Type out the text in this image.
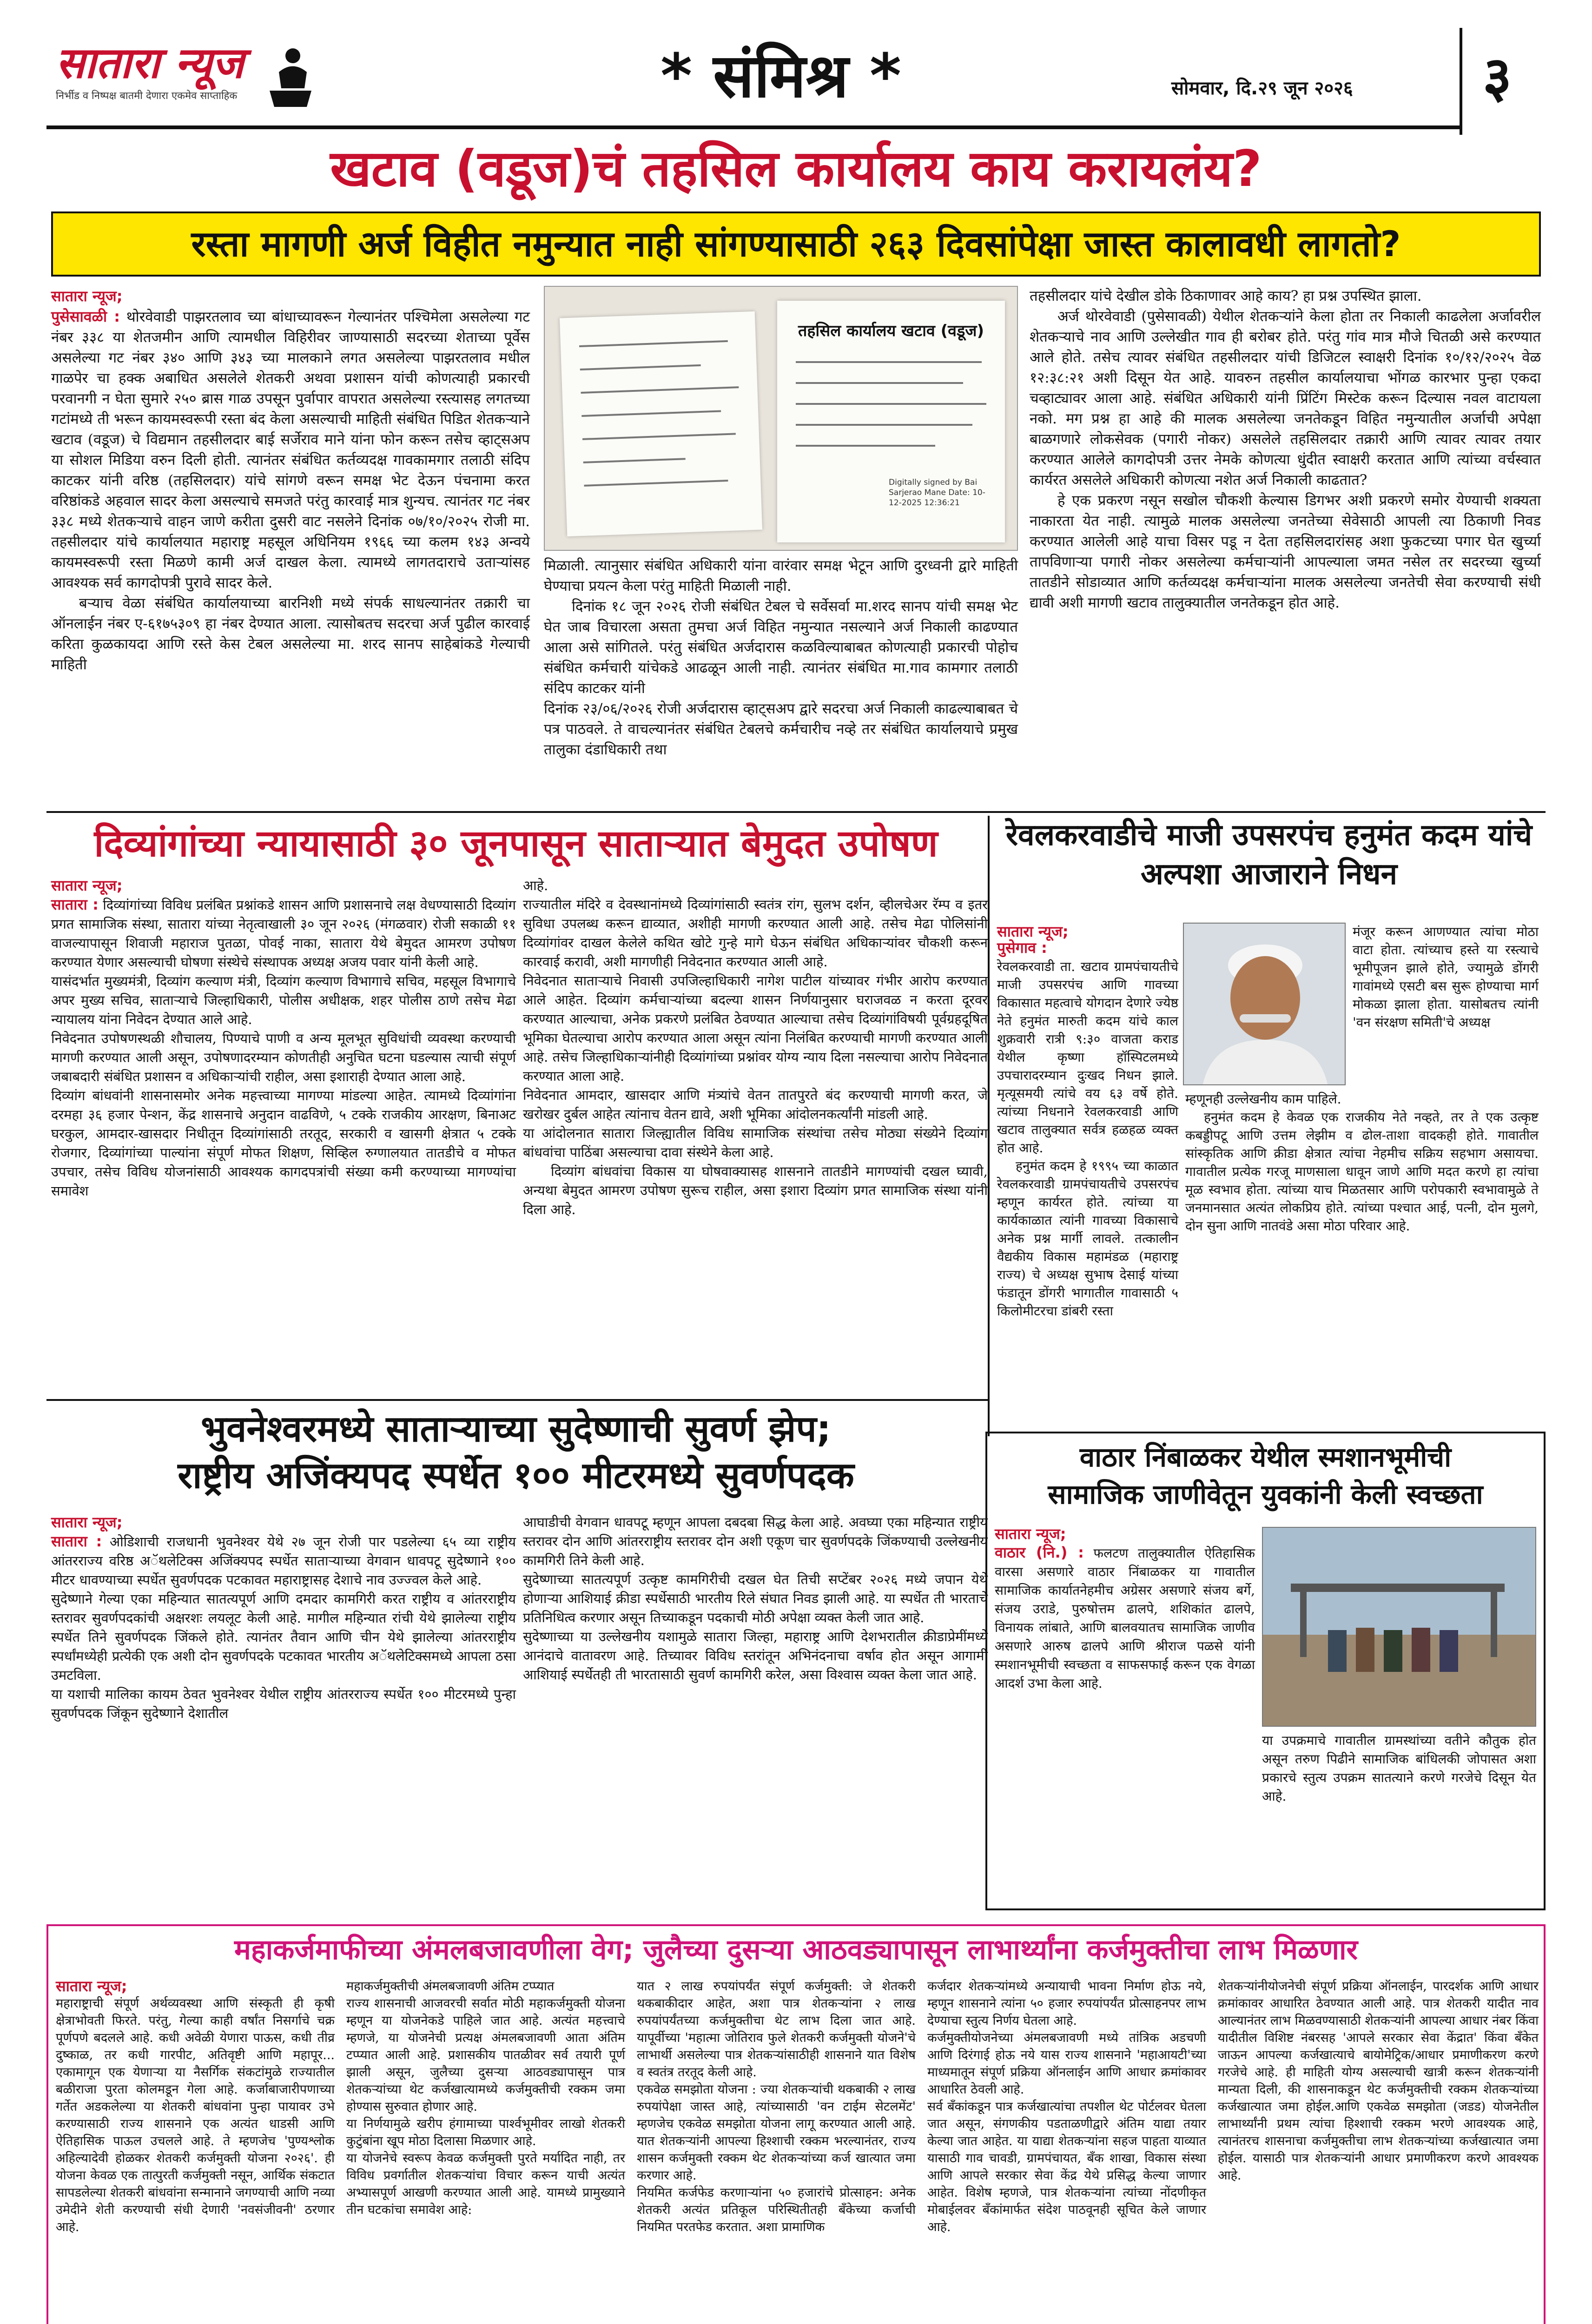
सातारा न्यूज
निर्भीड व निष्पक्ष बातमी देणारा एकमेव साप्ताहिक	* संमिश्र *	सोमवार, दि.२९ जून २०२६ ३
खटाव (वडूज)चं तहसिल कार्यालय काय करायलंय?
रस्ता मागणी अर्ज विहीत नमुन्यात नाही सांगण्यासाठी २६३ दिवसांपेक्षा जास्त कालावधी लागतो?
सातारा न्यूज;
पुसेसावळी : थोरवेवाडी पाझरतलाव च्या बांधाच्यावरून गेल्यानंतर पश्चिमेला असलेल्या गट नंबर ३३८ या शेतजमीन आणि त्यामधील विहिरीवर जाण्यासाठी सदरच्या शेताच्या पूर्वेस असलेल्या गट नंबर ३४० आणि ३४३ च्या मालकाने लगत असलेल्या पाझरतलाव मधील गाळपेर चा हक्क अबाधित असलेले शेतकरी अथवा प्रशासन यांची कोणत्याही प्रकारची परवानगी न घेता सुमारे २५० ब्रास गाळ उपसून पुर्वापार वापरात असलेल्या रस्त्यासह लगतच्या गटांमध्ये ती भरून कायमस्वरूपी रस्ता बंद केला असल्याची माहिती संबंधित पिडित शेतकऱ्याने खटाव (वडूज) चे विद्यमान तहसीलदार बाई सर्जेराव माने यांना फोन करून तसेच व्हाट्सअप या सोशल मिडिया वरुन दिली होती. त्यानंतर संबंधित कर्तव्यदक्ष गावकामगार तलाठी संदिप काटकर यांनी वरिष्ठ (तहसिलदार) यांचे सांगणे वरून समक्ष भेट देऊन पंचनामा करत वरिष्ठांकडे अहवाल सादर केला असल्याचे समजते परंतु कारवाई मात्र शुन्यच. त्यानंतर गट नंबर ३३८ मध्ये शेतकऱ्याचे वाहन जाणे करीता दुसरी वाट नसलेने दिनांक ०७/१०/२०२५ रोजी मा. तहसीलदार यांचे कार्यालयात महाराष्ट्र महसूल अधिनियम १९६६ च्या कलम १४३ अन्वये कायमस्वरूपी रस्ता मिळणे कामी अर्ज दाखल केला. त्यामध्ये लागतदाराचे उताऱ्यांसह आवश्यक सर्व कागदोपत्री पुरावे सादर केले.
बऱ्याच वेळा संबंधित कार्यालयाच्या बारनिशी मध्ये संपर्क साधल्यानंतर तक्रारी चा ऑनलाईन नंबर ए-६१७५३०९ हा नंबर देण्यात आला. त्यासोबतच सदरचा अर्ज पुढील कारवाई करिता कुळकायदा आणि रस्ते केस टेबल असलेल्या मा. शरद सानप साहेबांकडे गेल्याची माहिती
तहसिल कार्यालय खटाव (वडूज)
Digitally signed by Bai Sarjerao Mane Date: 10-12-2025 12:36:21
मिळाली. त्यानुसार संबंधित अधिकारी यांना वारंवार समक्ष भेटून आणि दुरध्वनी द्वारे माहिती घेण्याचा प्रयत्न केला परंतु माहिती मिळाली नाही.
दिनांक १८ जून २०२६ रोजी संबंधित टेबल चे सर्वेसर्वा मा.शरद सानप यांची समक्ष भेट घेत जाब विचारला असता तुमचा अर्ज विहित नमुन्यात नसल्याने अर्ज निकाली काढण्यात आला असे सांगितले. परंतु संबंधित अर्जदारास कळविल्याबाबत कोणत्याही प्रकारची पोहोच संबंधित कर्मचारी यांचेकडे आढळून आली नाही. त्यानंतर संबंधित मा.गाव कामगार तलाठी संदिप काटकर यांनी
दिनांक २३/०६/२०२६ रोजी अर्जदारास व्हाट्सअप द्वारे सदरचा अर्ज निकाली काढल्याबाबत चे पत्र पाठवले. ते वाचल्यानंतर संबंधित टेबलचे कर्मचारीच नव्हे तर संबंधित कार्यालयाचे प्रमुख तालुका दंडाधिकारी तथा
तहसीलदार यांचे देखील डोके ठिकाणावर आहे काय? हा प्रश्न उपस्थित झाला.
अर्ज थोरवेवाडी (पुसेसावळी) येथील शेतकऱ्यांने केला होता तर निकाली काढलेला अर्जावरील शेतकऱ्याचे नाव आणि उल्लेखीत गाव ही बरोबर होते. परंतु गांव मात्र मौजे चितळी असे करण्यात आले होते. तसेच त्यावर संबंधित तहसीलदार यांची डिजिटल स्वाक्षरी दिनांक १०/१२/२०२५ वेळ १२:३८:२१ अशी दिसून येत आहे. यावरुन तहसील कार्यालयाचा भोंगळ कारभार पुन्हा एकदा चव्हाट्यावर आला आहे. संबंधित अधिकारी यांनी प्रिंटिंग मिस्टेक करून दिल्यास नवल वाटायला नको. मग प्रश्न हा आहे की मालक असलेल्या जनतेकडून विहित नमुन्यातील अर्जाची अपेक्षा बाळगणारे लोकसेवक (पगारी नोकर) असलेले तहसिलदार तक्रारी आणि त्यावर त्यावर तयार करण्यात आलेले कागदोपत्री उत्तर नेमके कोणत्या धुंदीत स्वाक्षरी करतात आणि त्यांच्या वर्चस्वात कार्यरत असलेले अधिकारी कोणत्या नशेत अर्ज निकाली काढतात?
हे एक प्रकरण नसून सखोल चौकशी केल्यास डिगभर अशी प्रकरणे समोर येण्याची शक्यता नाकारता येत नाही. त्यामुळे मालक असलेल्या जनतेच्या सेवेसाठी आपली त्या ठिकाणी निवड करण्यात आलेली आहे याचा विसर पडू न देता तहसिलदारांसह अशा फुकटच्या पगार घेत खुर्च्या तापविणाऱ्या पगारी नोकर असलेल्या कर्मचाऱ्यांनी आपल्याला जमत नसेल तर सदरच्या खुर्च्या तातडीने सोडाव्यात आणि कर्तव्यदक्ष कर्मचाऱ्यांना मालक असलेल्या जनतेची सेवा करण्याची संधी द्यावी अशी मागणी खटाव तालुक्यातील जनतेकडून होत आहे.
दिव्यांगांच्या न्यायासाठी ३० जूनपासून साताऱ्यात बेमुदत उपोषण
सातारा न्यूज;
सातारा : दिव्यांगांच्या विविध प्रलंबित प्रश्नांकडे शासन आणि प्रशासनाचे लक्ष वेधण्यासाठी दिव्यांग प्रगत सामाजिक संस्था, सातारा यांच्या नेतृत्वाखाली ३० जून २०२६ (मंगळवार) रोजी सकाळी ११ वाजल्यापासून शिवाजी महाराज पुतळा, पोवई नाका, सातारा येथे बेमुदत आमरण उपोषण करण्यात येणार असल्याची घोषणा संस्थेचे संस्थापक अध्यक्ष अजय पवार यांनी केली आहे.
यासंदर्भात मुख्यमंत्री, दिव्यांग कल्याण मंत्री, दिव्यांग कल्याण विभागाचे सचिव, महसूल विभागाचे अपर मुख्य सचिव, साताऱ्याचे जिल्हाधिकारी, पोलीस अधीक्षक, शहर पोलीस ठाणे तसेच मेढा न्यायालय यांना निवेदन देण्यात आले आहे.
निवेदनात उपोषणस्थळी शौचालय, पिण्याचे पाणी व अन्य मूलभूत सुविधांची व्यवस्था करण्याची मागणी करण्यात आली असून, उपोषणादरम्यान कोणतीही अनुचित घटना घडल्यास त्याची संपूर्ण जबाबदारी संबंधित प्रशासन व अधिकाऱ्यांची राहील, असा इशाराही देण्यात आला आहे.
दिव्यांग बांधवांनी शासनासमोर अनेक महत्त्वाच्या मागण्या मांडल्या आहेत. त्यामध्ये दिव्यांगांना दरमहा ३६ हजार पेन्शन, केंद्र शासनाचे अनुदान वाढविणे, ५ टक्के राजकीय आरक्षण, बिनाअट घरकुल, आमदार-खासदार निधीतून दिव्यांगांसाठी तरतूद, सरकारी व खासगी क्षेत्रात ५ टक्के रोजगार, दिव्यांगांच्या पाल्यांना संपूर्ण मोफत शिक्षण, सिव्हिल रुग्णालयात तातडीचे व मोफत उपचार, तसेच विविध योजनांसाठी आवश्यक कागदपत्रांची संख्या कमी करण्याच्या मागण्यांचा समावेश
आहे.
राज्यातील मंदिरे व देवस्थानांमध्ये दिव्यांगांसाठी स्वतंत्र रांग, सुलभ दर्शन, व्हीलचेअर रॅम्प व इतर सुविधा उपलब्ध करून द्याव्यात, अशीही मागणी करण्यात आली आहे. तसेच मेढा पोलिसांनी दिव्यांगांवर दाखल केलेले कथित खोटे गुन्हे मागे घेऊन संबंधित अधिकाऱ्यांवर चौकशी करून कारवाई करावी, अशी मागणीही निवेदनात करण्यात आली आहे.
निवेदनात साताऱ्याचे निवासी उपजिल्हाधिकारी नागेश पाटील यांच्यावर गंभीर आरोप करण्यात आले आहेत. दिव्यांग कर्मचाऱ्यांच्या बदल्या शासन निर्णयानुसार घराजवळ न करता दूरवर करण्यात आल्याचा, अनेक प्रकरणे प्रलंबित ठेवण्यात आल्याचा तसेच दिव्यांगांविषयी पूर्वग्रहदूषित भूमिका घेतल्याचा आरोप करण्यात आला असून त्यांना निलंबित करण्याची मागणी करण्यात आली आहे. तसेच जिल्हाधिकाऱ्यांनीही दिव्यांगांच्या प्रश्नांवर योग्य न्याय दिला नसल्याचा आरोप निवेदनात करण्यात आला आहे.
निवेदनात आमदार, खासदार आणि मंत्र्यांचे वेतन तातपुरते बंद करण्याची मागणी करत, जे खरोखर दुर्बल आहेत त्यांनाच वेतन द्यावे, अशी भूमिका आंदोलनकर्त्यांनी मांडली आहे.
या आंदोलनात सातारा जिल्ह्यातील विविध सामाजिक संस्थांचा तसेच मोठ्या संख्येने दिव्यांग बांधवांचा पाठिंबा असल्याचा दावा संस्थेने केला आहे.
दिव्यांग बांधवांचा विकास या घोषवाक्यासह शासनाने तातडीने मागण्यांची दखल घ्यावी, अन्यथा बेमुदत आमरण उपोषण सुरूच राहील, असा इशारा दिव्यांग प्रगत सामाजिक संस्था यांनी दिला आहे.
रेवलकरवाडीचे माजी उपसरपंच हनुमंत कदम यांचे अल्पशा आजाराने निधन
सातारा न्यूज;
पुसेगाव :
रेवलकरवाडी ता. खटाव ग्रामपंचायतीचे माजी उपसरपंच आणि गावच्या विकासात महत्वाचे योगदान देणारे ज्येष्ठ नेते हनुमंत मारुती कदम यांचे काल शुक्रवारी रात्री ९:३० वाजता कराड येथील कृष्णा हॉस्पिटलमध्ये उपचारादरम्यान दुःखद निधन झाले. मृत्यूसमयी त्यांचे वय ६३ वर्षे होते. त्यांच्या निधनाने रेवलकरवाडी आणि खटाव तालुक्यात सर्वत्र हळहळ व्यक्त होत आहे.
हनुमंत कदम हे १९९५ च्या काळात रेवलकरवाडी ग्रामपंचायतीचे उपसरपंच म्हणून कार्यरत होते. त्यांच्या या कार्यकाळात त्यांनी गावच्या विकासाचे अनेक प्रश्न मार्गी लावले. तत्कालीन वैद्यकीय विकास महामंडळ (महाराष्ट्र राज्य) चे अध्यक्ष सुभाष देसाई यांच्या फंडातून डोंगरी भागातील गावासाठी ५ किलोमीटरचा डांबरी रस्ता
मंजूर करून आणण्यात त्यांचा मोठा वाटा होता. त्यांच्याच हस्ते या रस्त्याचे भूमीपूजन झाले होते, ज्यामुळे डोंगरी गावांमध्ये एसटी बस सुरू होण्याचा मार्ग मोकळा झाला होता. यासोबतच त्यांनी 'वन संरक्षण समिती'चे अध्यक्ष
म्हणूनही उल्लेखनीय काम पाहिले.
हनुमंत कदम हे केवळ एक राजकीय नेते नव्हते, तर ते एक उत्कृष्ट कबड्डीपटू आणि उत्तम लेझीम व ढोल-ताशा वादकही होते. गावातील सांस्कृतिक आणि क्रीडा क्षेत्रात त्यांचा नेहमीच सक्रिय सहभाग असायचा. गावातील प्रत्येक गरजू माणसाला धावून जाणे आणि मदत करणे हा त्यांचा मूळ स्वभाव होता. त्यांच्या याच मिळतसार आणि परोपकारी स्वभावामुळे ते जनमानसात अत्यंत लोकप्रिय होते. त्यांच्या पश्चात आई, पत्नी, दोन मुलगे, दोन सुना आणि नातवंडे असा मोठा परिवार आहे.
भुवनेश्वरमध्ये साताऱ्याच्या सुदेष्णाची सुवर्ण झेप;
राष्ट्रीय अजिंक्यपद स्पर्धेत १०० मीटरमध्ये सुवर्णपदक
सातारा न्यूज;
सातारा : ओडिशाची राजधानी भुवनेश्वर येथे २७ जून रोजी पार पडलेल्या ६५ व्या राष्ट्रीय आंतरराज्य वरिष्ठ अॅथलेटिक्स अजिंक्यपद स्पर्धेत साताऱ्याच्या वेगवान धावपटू सुदेष्णाने १०० मीटर धावण्याच्या स्पर्धेत सुवर्णपदक पटकावत महाराष्ट्रासह देशाचे नाव उज्ज्वल केले आहे.
सुदेष्णाने गेल्या एका महिन्यात सातत्यपूर्ण आणि दमदार कामगिरी करत राष्ट्रीय व आंतरराष्ट्रीय स्तरावर सुवर्णपदकांची अक्षरशः लयलूट केली आहे. मागील महिन्यात रांची येथे झालेल्या राष्ट्रीय स्पर्धेत तिने सुवर्णपदक जिंकले होते. त्यानंतर तैवान आणि चीन येथे झालेल्या आंतरराष्ट्रीय स्पर्धांमध्येही प्रत्येकी एक अशी दोन सुवर्णपदके पटकावत भारतीय अॅथलेटिक्समध्ये आपला ठसा उमटविला.
या यशाची मालिका कायम ठेवत भुवनेश्वर येथील राष्ट्रीय आंतरराज्य स्पर्धेत १०० मीटरमध्ये पुन्हा सुवर्णपदक जिंकून सुदेष्णाने देशातील
आघाडीची वेगवान धावपटू म्हणून आपला दबदबा सिद्ध केला आहे. अवघ्या एका महिन्यात राष्ट्रीय स्तरावर दोन आणि आंतरराष्ट्रीय स्तरावर दोन अशी एकूण चार सुवर्णपदके जिंकण्याची उल्लेखनीय कामगिरी तिने केली आहे.
सुदेष्णाच्या सातत्यपूर्ण उत्कृष्ट कामगिरीची दखल घेत तिची सप्टेंबर २०२६ मध्ये जपान येथे होणाऱ्या आशियाई क्रीडा स्पर्धेसाठी भारतीय रिले संघात निवड झाली आहे. या स्पर्धेत ती भारताचे प्रतिनिधित्व करणार असून तिच्याकडून पदकाची मोठी अपेक्षा व्यक्त केली जात आहे.
सुदेष्णाच्या या उल्लेखनीय यशामुळे सातारा जिल्हा, महाराष्ट्र आणि देशभरातील क्रीडाप्रेमींमध्ये आनंदाचे वातावरण आहे. तिच्यावर विविध स्तरांतून अभिनंदनाचा वर्षाव होत असून आगामी आशियाई स्पर्धेतही ती भारतासाठी सुवर्ण कामगिरी करेल, असा विश्वास व्यक्त केला जात आहे.
वाठार निंबाळकर येथील स्मशानभूमीची
सामाजिक जाणीवेतून युवकांनी केली स्वच्छता
सातारा न्यूज;
वाठार (नि.) : फलटण तालुक्यातील ऐतिहासिक वारसा असणारे वाठार निंबाळकर या गावातील सामाजिक कार्यातनेहमीच अग्रेसर असणारे संजय बर्गे, संजय उराडे, पुरुषोत्तम ढालपे, शशिकांत ढालपे, विनायक लांबाते, आणि बालवयातच सामाजिक जाणीव असणारे आरुष ढालपे आणि श्रीराज पळसे यांनी स्मशानभूमीची स्वच्छता व साफसफाई करून एक वेगळा आदर्श उभा केला आहे.
या उपक्रमाचे गावातील ग्रामस्थांच्या वतीने कौतुक होत असून तरुण पिढीने सामाजिक बांधिलकी जोपासत अशा प्रकारचे स्तुत्य उपक्रम सातत्याने करणे गरजेचे दिसून येत आहे.
महाकर्जमाफीच्या अंमलबजावणीला वेग; जुलैच्या दुसऱ्या आठवड्यापासून लाभार्थ्यांना कर्जमुक्तीचा लाभ मिळणार
सातारा न्यूज;
महाराष्ट्राची संपूर्ण अर्थव्यवस्था आणि संस्कृती ही कृषी क्षेत्राभोवती फिरते. परंतु, गेल्या काही वर्षांत निसर्गाचे चक्र पूर्णपणे बदलले आहे. कधी अवेळी येणारा पाऊस, कधी तीव्र दुष्काळ, तर कधी गारपीट, अतिवृष्टी आणि महापूर... एकामागून एक येणाऱ्या या नैसर्गिक संकटांमुळे राज्यातील बळीराजा पुरता कोलमडून गेला आहे. कर्जाबाजारीपणाच्या गर्तेत अडकलेल्या या शेतकरी बांधवांना पुन्हा पायावर उभे करण्यासाठी राज्य शासनाने एक अत्यंत धाडसी आणि ऐतिहासिक पाऊल उचलले आहे. ते म्हणजेच 'पुण्यश्लोक अहिल्यादेवी होळकर शेतकरी कर्जमुक्ती योजना २०२६'. ही योजना केवळ एक तात्पुरती कर्जमुक्ती नसून, आर्थिक संकटात सापडलेल्या शेतकरी बांधवांना सन्मानाने जगण्याची आणि नव्या उमेदीने शेती करण्याची संधी देणारी 'नवसंजीवनी' ठरणार आहे.
महाकर्जमुक्तीची अंमलबजावणी अंतिम टप्प्यात
राज्य शासनाची आजवरची सर्वात मोठी महाकर्जमुक्ती योजना म्हणून या योजनेकडे पाहिले जात आहे. अत्यंत महत्त्वाचे म्हणजे, या योजनेची प्रत्यक्ष अंमलबजावणी आता अंतिम टप्प्यात आली आहे. प्रशासकीय पातळीवर सर्व तयारी पूर्ण झाली असून, जुलैच्या दुसऱ्या आठवड्यापासून पात्र शेतकऱ्यांच्या थेट कर्जखात्यामध्ये कर्जमुक्तीची रक्कम जमा होण्यास सुरुवात होणार आहे.
या निर्णयामुळे खरीप हंगामाच्या पार्श्वभूमीवर लाखो शेतकरी कुटुंबांना खूप मोठा दिलासा मिळणार आहे.
या योजनेचे स्वरूप केवळ कर्जमुक्ती पुरते मर्यादित नाही, तर विविध प्रवर्गातील शेतकऱ्यांचा विचार करून याची अत्यंत अभ्यासपूर्ण आखणी करण्यात आली आहे. यामध्ये प्रामुख्याने तीन घटकांचा समावेश आहे:
यात २ लाख रुपयांपर्यंत संपूर्ण कर्जमुक्ती: जे शेतकरी थकबाकीदार आहेत, अशा पात्र शेतकऱ्यांना २ लाख रुपयांपर्यंतच्या कर्जमुक्तीचा थेट लाभ दिला जात आहे. यापूर्वीच्या 'महात्मा जोतिराव फुले शेतकरी कर्जमुक्ती योजने'चे लाभार्थी असलेल्या पात्र शेतकऱ्यांसाठीही शासनाने यात विशेष व स्वतंत्र तरतूद केली आहे.
एकवेळ समझोता योजना : ज्या शेतकऱ्यांची थकबाकी २ लाख रुपयांपेक्षा जास्त आहे, त्यांच्यासाठी 'वन टाईम सेटलमेंट' म्हणजेच एकवेळ समझोता योजना लागू करण्यात आली आहे. यात शेतकऱ्यांनी आपल्या हिश्शाची रक्कम भरल्यानंतर, राज्य शासन कर्जमुक्ती रक्कम थेट शेतकऱ्यांच्या कर्ज खात्यात जमा करणार आहे.
नियमित कर्जफेड करणाऱ्यांना ५० हजारांचे प्रोत्साहन: अनेक शेतकरी अत्यंत प्रतिकूल परिस्थितीतही बँकेच्या कर्जाची नियमित परतफेड करतात. अशा प्रामाणिक
कर्जदार शेतकऱ्यांमध्ये अन्यायाची भावना निर्माण होऊ नये, म्हणून शासनाने त्यांना ५० हजार रुपयांपर्यंत प्रोत्साहनपर लाभ देण्याचा स्तुत्य निर्णय घेतला आहे.
कर्जमुक्तीयोजनेच्या अंमलबजावणी मध्ये तांत्रिक अडचणी आणि दिरंगाई होऊ नये यास राज्य शासनाने 'महाआयटी'च्या माध्यमातून संपूर्ण प्रक्रिया ऑनलाईन आणि आधार क्रमांकावर आधारित ठेवली आहे.
सर्व बँकांकडून पात्र कर्जखात्यांचा तपशील थेट पोर्टलवर घेतला जात असून, संगणकीय पडताळणीद्वारे अंतिम याद्या तयार केल्या जात आहेत. या याद्या शेतकऱ्यांना सहज पाहता याव्यात यासाठी गाव चावडी, ग्रामपंचायत, बँक शाखा, विकास संस्था आणि आपले सरकार सेवा केंद्र येथे प्रसिद्ध केल्या जाणार आहेत. विशेष म्हणजे, पात्र शेतकऱ्यांना त्यांच्या नोंदणीकृत मोबाईलवर बँकांमार्फत संदेश पाठवूनही सूचित केले जाणार आहे.
शेतकऱ्यांनीयोजनेची संपूर्ण प्रक्रिया ऑनलाईन, पारदर्शक आणि आधार क्रमांकावर आधारित ठेवण्यात आली आहे. पात्र शेतकरी यादीत नाव आल्यानंतर लाभ मिळवण्यासाठी शेतकऱ्यांनी आपल्या आधार नंबर किंवा यादीतील विशिष्ट नंबरसह 'आपले सरकार सेवा केंद्रात' किंवा बँकेत जाऊन आपल्या कर्जखात्याचे बायोमेट्रिक/आधार प्रमाणीकरण करणे गरजेचे आहे. ही माहिती योग्य असल्याची खात्री करून शेतकऱ्यांनी मान्यता दिली, की शासनाकडून थेट कर्जमुक्तीची रक्कम शेतकऱ्यांच्या कर्जखात्यात जमा होईल.आणि एकवेळ समझोता (जडड) योजनेतील लाभार्थ्यांनी प्रथम त्यांचा हिश्शाची रक्कम भरणे आवश्यक आहे, त्यानंतरच शासनाचा कर्जमुक्तीचा लाभ शेतकऱ्यांच्या कर्जखात्यात जमा होईल. यासाठी पात्र शेतकऱ्यांनी आधार प्रमाणीकरण करणे आवश्यक आहे.
